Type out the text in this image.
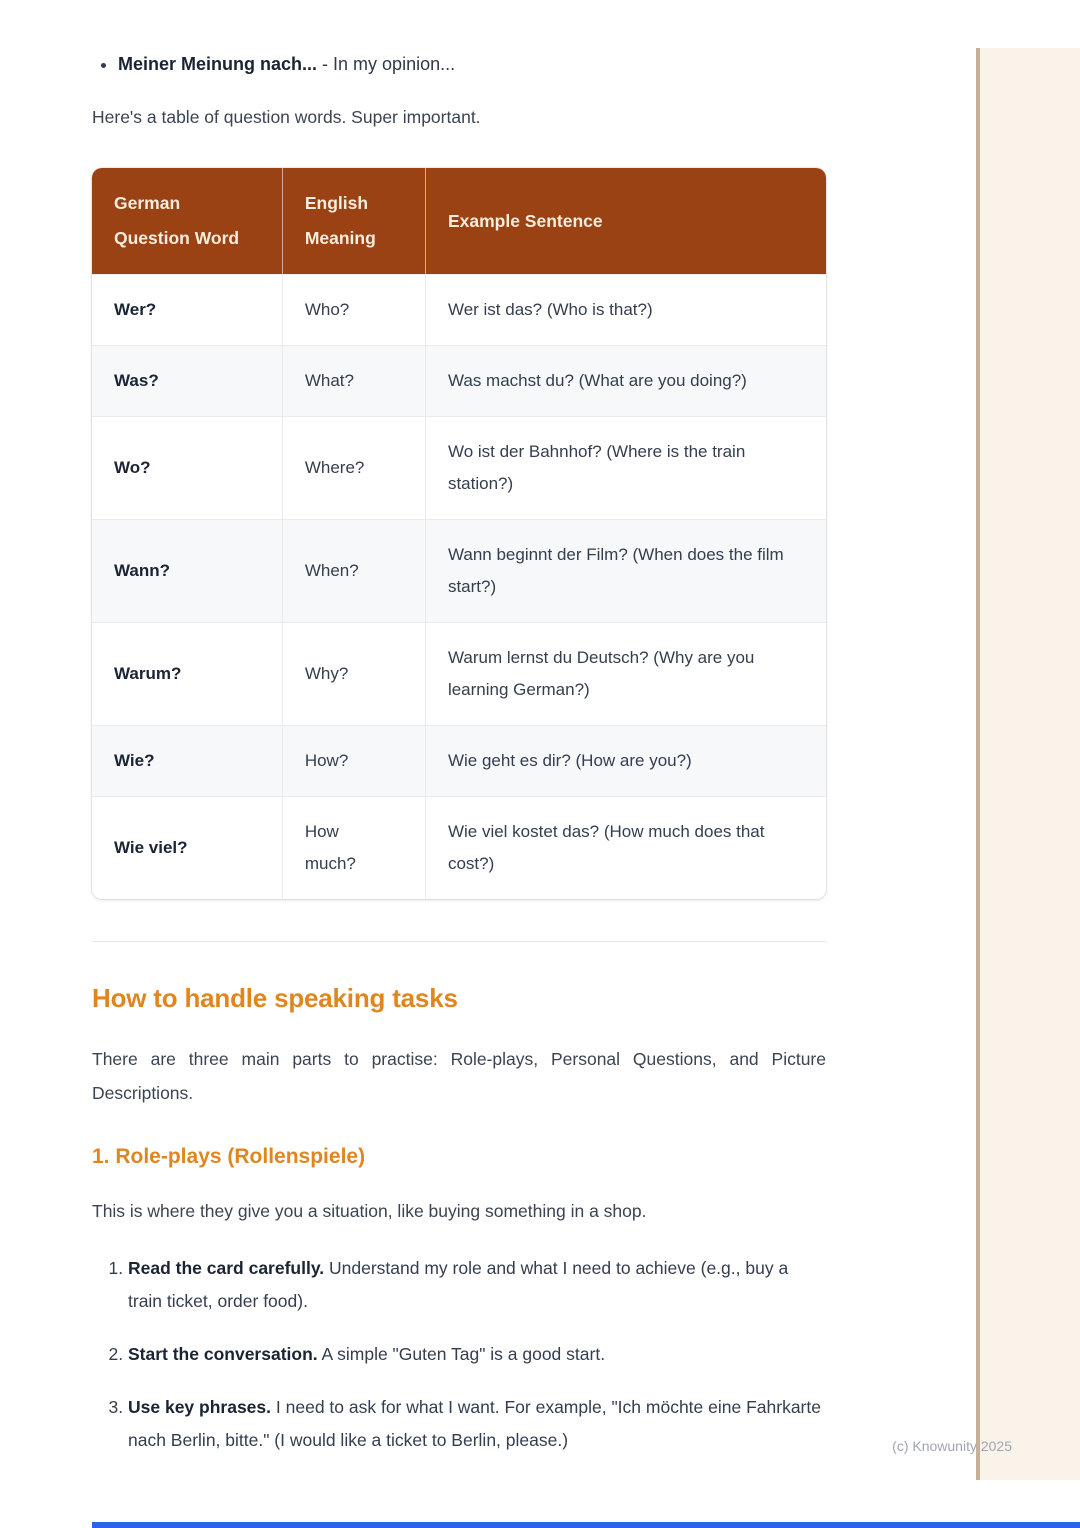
• Meiner Meinung nach... - In my opinion...

Here's a table of question words. Super important.

German Question Word	English Meaning	Example Sentence
Wer?	Who?	Wer ist das? (Who is that?)
Was?	What?	Was machst du? (What are you doing?)
Wo?	Where?	Wo ist der Bahnhof? (Where is the train station?)
Wann?	When?	Wann beginnt der Film? (When does the film start?)
Warum?	Why?	Warum lernst du Deutsch? (Why are you learning German?)
Wie?	How?	Wie geht es dir? (How are you?)
Wie viel?	How much?	Wie viel kostet das? (How much does that cost?)
How to handle speaking tasks

There are three main parts to practise: Role-plays, Personal Questions, and Picture Descriptions.

1. Role-plays (Rollenspiele)

This is where they give you a situation, like buying something in a shop.

1. Read the card carefully. Understand my role and what I need to achieve (e.g., buy a train ticket, order food).
2. Start the conversation. A simple "Guten Tag" is a good start.
3. Use key phrases. I need to ask for what I want. For example, "Ich möchte eine Fahrkarte nach Berlin, bitte." (I would like a ticket to Berlin, please.)	(c) Knowunity 2025
